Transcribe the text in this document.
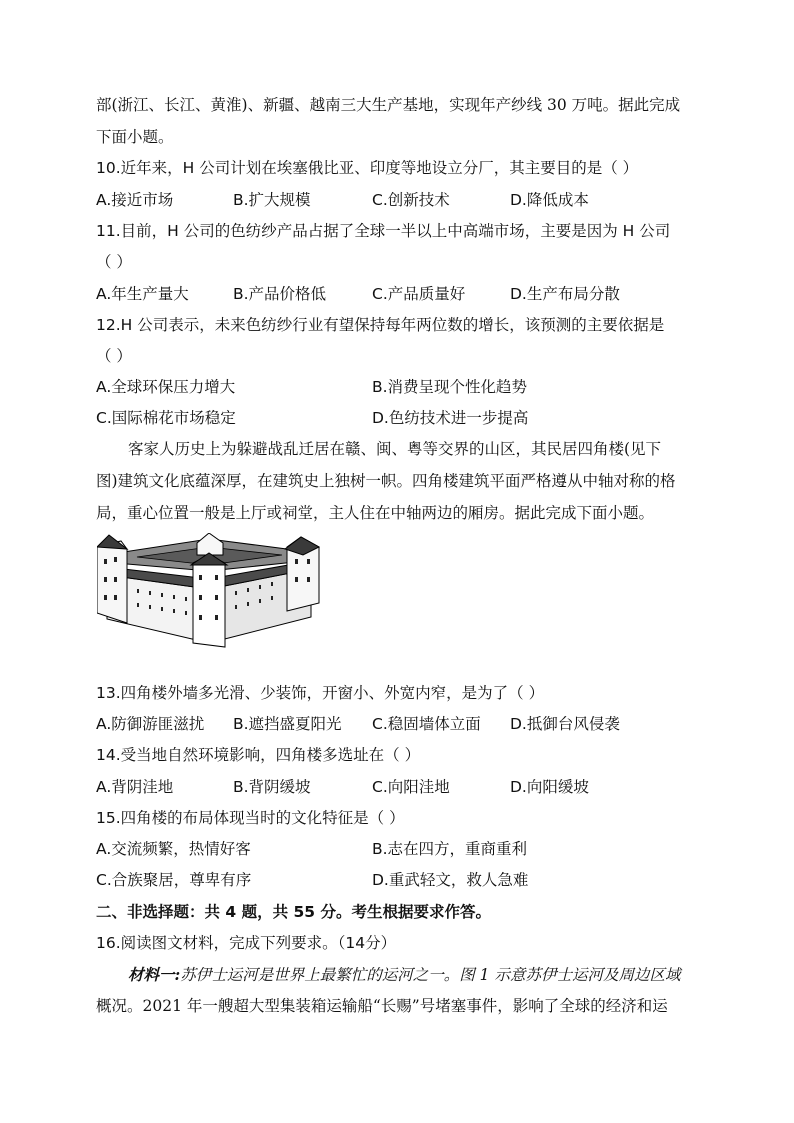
部(浙江、长江、黄淮)、新疆、越南三大生产基地，实现年产纱线 30 万吨。据此完成
下面小题。
10.近年来，H 公司计划在埃塞俄比亚、印度等地设立分厂，其主要目的是（ ）
A.接近市场	B.扩大规模	C.创新技术	D.降低成本
11.目前，H 公司的色纺纱产品占据了全球一半以上中高端市场，主要是因为 H 公司
（ ）
A.年生产量大	B.产品价格低	C.产品质量好	D.生产布局分散
12.H 公司表示，未来色纺纱行业有望保持每年两位数的增长，该预测的主要依据是
（ ）
A.全球环保压力增大	B.消费呈现个性化趋势
C.国际棉花市场稳定	D.色纺技术进一步提高
客家人历史上为躲避战乱迁居在赣、闽、粤等交界的山区，其民居四角楼(见下
图)建筑文化底蕴深厚，在建筑史上独树一帜。四角楼建筑平面严格遵从中轴对称的格
局，重心位置一般是上厅或祠堂，主人住在中轴两边的厢房。据此完成下面小题。
13.四角楼外墙多光滑、少装饰，开窗小、外宽内窄，是为了（ ）
A.防御游匪滋扰 B.遮挡盛夏阳光 C.稳固墙体立面 D.抵御台风侵袭
14.受当地自然环境影响，四角楼多选址在（ ）
A.背阴洼地	B.背阴缓坡	C.向阳洼地	D.向阳缓坡
15.四角楼的布局体现当时的文化特征是（ ）
A.交流频繁，热情好客	B.志在四方，重商重利
C.合族聚居，尊卑有序	D.重武轻文，救人急难
二、非选择题：共 4 题，共 55 分。考生根据要求作答。
16.阅读图文材料，完成下列要求。（14分）
材料一:苏伊士运河是世界上最繁忙的运河之一。图 1 示意苏伊士运河及周边区域
概况。2021 年一艘超大型集装箱运输船“长赐”号堵塞事件，影响了全球的经济和运
